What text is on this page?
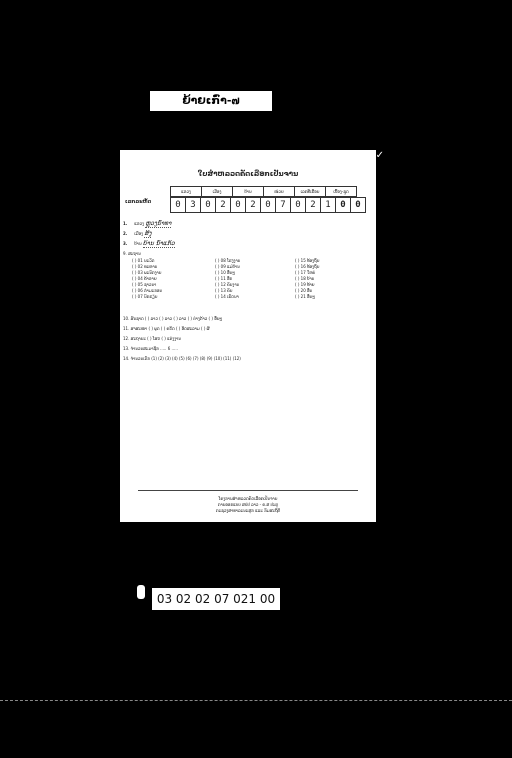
ຍ້າຍເກົ່າ-๗
✓
ໃບສຳຫລວດຄັດເລືອກເປັນຈານ
ແຂວງ	ເມືອງ	ບ້ານ	ໜ່ວຍ	ເລກທີ່ເຮືອນ	ເບື້ອງ-ຊຸດ
ເລກລະຫັດ	0	3	0	2	0	2	0	7	0	2	1	0	0
1. ແຂວງ ຫຼວງນ້ຳທາ
2. ເມືອງ ສິງ
3. ບ້ານ ບ້ານ ນ້ຳແກ້ວ
9. ສະຖານ
( ) 01 ນະວັດ
( ) 02 ທະຫານ
( ) 03 ພະນັກງານ
( ) 04 ຄ້າຂາຍ
( ) 05 ຊາວນາ
( ) 06 ກຳມະກອນ
( ) 07 ນັກຮຽນ
( ) 08 ໂຮງງານ
( ) 09 ແມ່ບ້ານ
( ) 10 ອື່ນໆ
( ) 11 ອີ່ກ
( ) 12 ຄົນງານ
( ) 13 ຄັນ
( ) 14 ເຮັດນາ
( ) 15 ທ້ອງຖິ່ນ
( ) 16 ທ້ອງຖິ່ນ
( ) 17 ໃຫຍ່
( ) 18 ບ້ານ
( ) 19 ທ້າຍ
( ) 20 ອື່ນ
( ) 21 ອື່ນໆ
10. ສັນຊາດ ( ) ລາວ ( ) ລາວ ( ) ລາວ ( ) ຕ່າງດ້າວ ( ) ອື່ນໆ
11. ສາສະໜາ ( ) ພຸດ ( ) ຄຣິດ ( ) ອິດສະລາມ ( ) ຜີ
12. ສະຖານະ ( ) ໂສດ ( ) ແຕ່ງງານ
13. ຈຳນວນສະມາຊິກ ..... 6 .....
14. ຈຳນວນເດັກ (1) (2) (3) (4) (5) (6) (7) (8) (9) (10) (11) (12)
ໂຄງການສຳຫລວດຄັດເລືອກເປັນຈານ
ການອອກແບບ ສປປ ລາວ - ຄ.ສ ປະຕູ
ກະຊວງສາທາລະນະສຸກ ແລະ ກົມສະຖິຕິ
03 02 02 07 021 00
